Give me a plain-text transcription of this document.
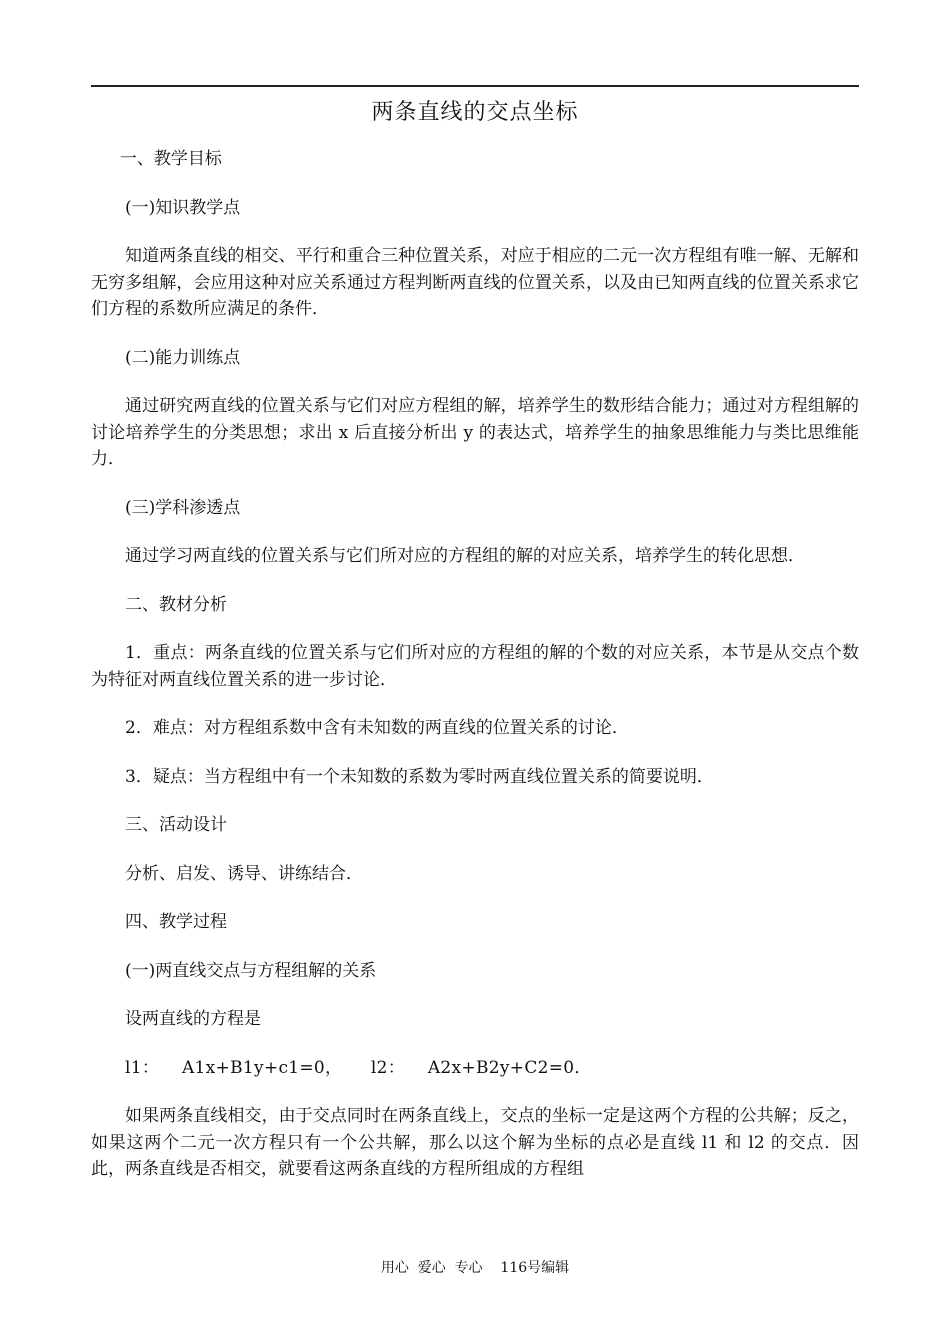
两条直线的交点坐标

一、教学目标

(一)知识教学点

知道两条直线的相交、平行和重合三种位置关系，对应于相应的二元一次方程组有唯一解、无解和无穷多组解，会应用这种对应关系通过方程判断两直线的位置关系，以及由已知两直线的位置关系求它们方程的系数所应满足的条件．

(二)能力训练点

通过研究两直线的位置关系与它们对应方程组的解，培养学生的数形结合能力；通过对方程组解的讨论培养学生的分类思想；求出 x 后直接分析出 y 的表达式，培养学生的抽象思维能力与类比思维能力．

(三)学科渗透点

通过学习两直线的位置关系与它们所对应的方程组的解的对应关系，培养学生的转化思想．

二、教材分析

1．重点：两条直线的位置关系与它们所对应的方程组的解的个数的对应关系，本节是从交点个数为特征对两直线位置关系的进一步讨论．

2．难点：对方程组系数中含有未知数的两直线的位置关系的讨论．

3．疑点：当方程组中有一个未知数的系数为零时两直线位置关系的简要说明．

三、活动设计

分析、启发、诱导、讲练结合．

四、教学过程

(一)两直线交点与方程组解的关系

设两直线的方程是

l1：    A1x+B1y+c1=0，     l2：    A2x+B2y+C2=0．

如果两条直线相交，由于交点同时在两条直线上，交点的坐标一定是这两个方程的公共解；反之，如果这两个二元一次方程只有一个公共解，那么以这个解为坐标的点必是直线 l1 和 l2 的交点．因此，两条直线是否相交，就要看这两条直线的方程所组成的方程组

用心  爱心  专心    116号编辑
